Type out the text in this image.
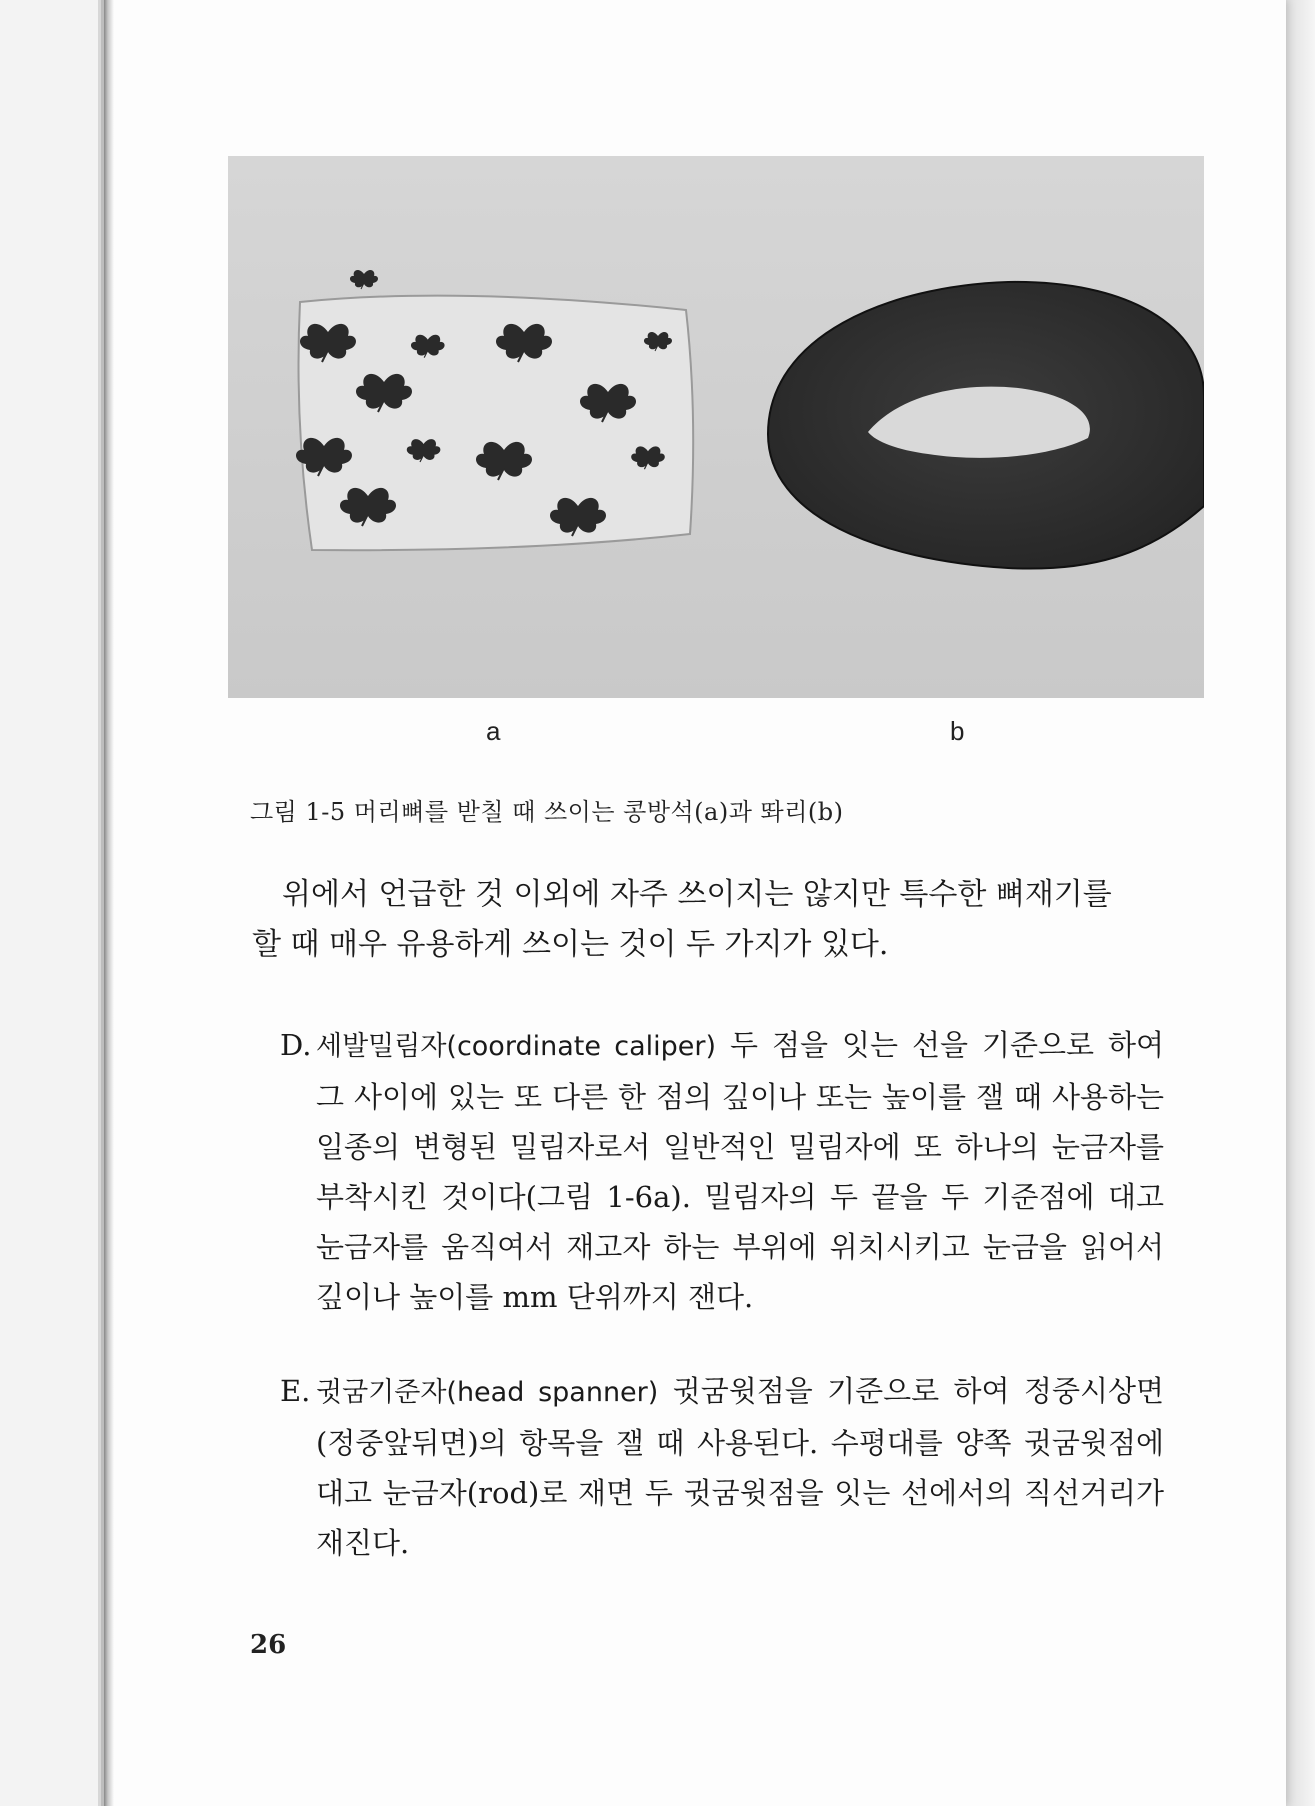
a	b
그림 1-5 머리뼈를 받칠 때 쓰이는 콩방석(a)과 똬리(b)

위에서 언급한 것 이외에 자주 쓰이지는 않지만 특수한 뼈재기를
할 때 매우 유용하게 쓰이는 것이 두 가지가 있다.

D. 세발밀림자(coordinate caliper) 두 점을 잇는 선을 기준으로 하여 그 사이에 있는 또 다른 한 점의 깊이나 또는 높이를 잴 때 사용하는 일종의 변형된 밀림자로서 일반적인 밀림자에 또 하나의 눈금자를 부착시킨 것이다(그림 1-6a). 밀림자의 두 끝을 두 기준점에 대고 눈금자를 움직여서 재고자 하는 부위에 위치시키고 눈금을 읽어서 깊이나 높이를 mm 단위까지 잰다.
E. 귓굼기준자(head spanner) 귓굼윗점을 기준으로 하여 정중시상면(정중앞뒤면)의 항목을 잴 때 사용된다. 수평대를 양쪽 귓굼윗점에 대고 눈금자(rod)로 재면 두 귓굼윗점을 잇는 선에서의 직선거리가 재진다.
26
